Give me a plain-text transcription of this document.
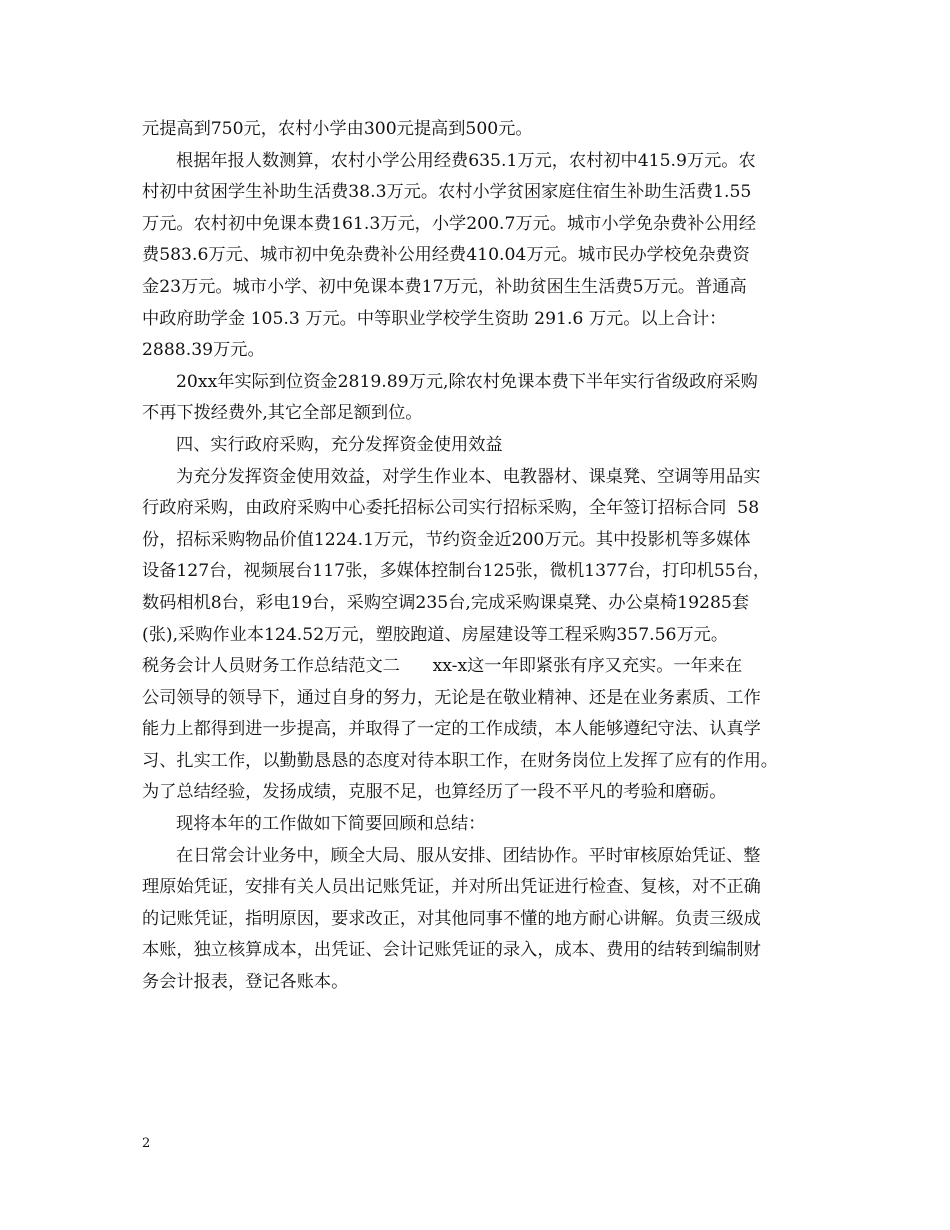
元提高到750元，农村小学由300元提高到500元。
根据年报人数测算，农村小学公用经费635.1万元，农村初中415.9万元。农
村初中贫困学生补助生活费38.3万元。农村小学贫困家庭住宿生补助生活费1.55
万元。农村初中免课本费161.3万元，小学200.7万元。城市小学免杂费补公用经
费583.6万元、城市初中免杂费补公用经费410.04万元。城市民办学校免杂费资
金23万元。城市小学、初中免课本费17万元，补助贫困生生活费5万元。普通高
中政府助学金 105.3 万元。中等职业学校学生资助 291.6 万元。以上合计：
2888.39万元。
20xx年实际到位资金2819.89万元,除农村免课本费下半年实行省级政府采购
不再下拨经费外,其它全部足额到位。
四、实行政府采购，充分发挥资金使用效益
为充分发挥资金使用效益，对学生作业本、电教器材、课桌凳、空调等用品实
行政府采购，由政府采购中心委托招标公司实行招标采购，全年签订招标合同  58
份，招标采购物品价值1224.1万元，节约资金近200万元。其中投影机等多媒体
设备127台，视频展台117张，多媒体控制台125张，微机1377台，打印机55台，
数码相机8台，彩电19台，采购空调235台,完成采购课桌凳、办公桌椅19285套
(张),采购作业本124.52万元，塑胶跑道、房屋建设等工程采购357.56万元。
税务会计人员财务工作总结范文二      xx-x这一年即紧张有序又充实。一年来在
公司领导的领导下，通过自身的努力，无论是在敬业精神、还是在业务素质、工作
能力上都得到进一步提高，并取得了一定的工作成绩，本人能够遵纪守法、认真学
习、扎实工作，以勤勤恳恳的态度对待本职工作，在财务岗位上发挥了应有的作用。
为了总结经验，发扬成绩，克服不足，也算经历了一段不平凡的考验和磨砺。
现将本年的工作做如下简要回顾和总结：
在日常会计业务中，顾全大局、服从安排、团结协作。平时审核原始凭证、整
理原始凭证，安排有关人员出记账凭证，并对所出凭证进行检查、复核，对不正确
的记账凭证，指明原因，要求改正，对其他同事不懂的地方耐心讲解。负责三级成
本账，独立核算成本，出凭证、会计记账凭证的录入，成本、费用的结转到编制财
务会计报表，登记各账本。
2
